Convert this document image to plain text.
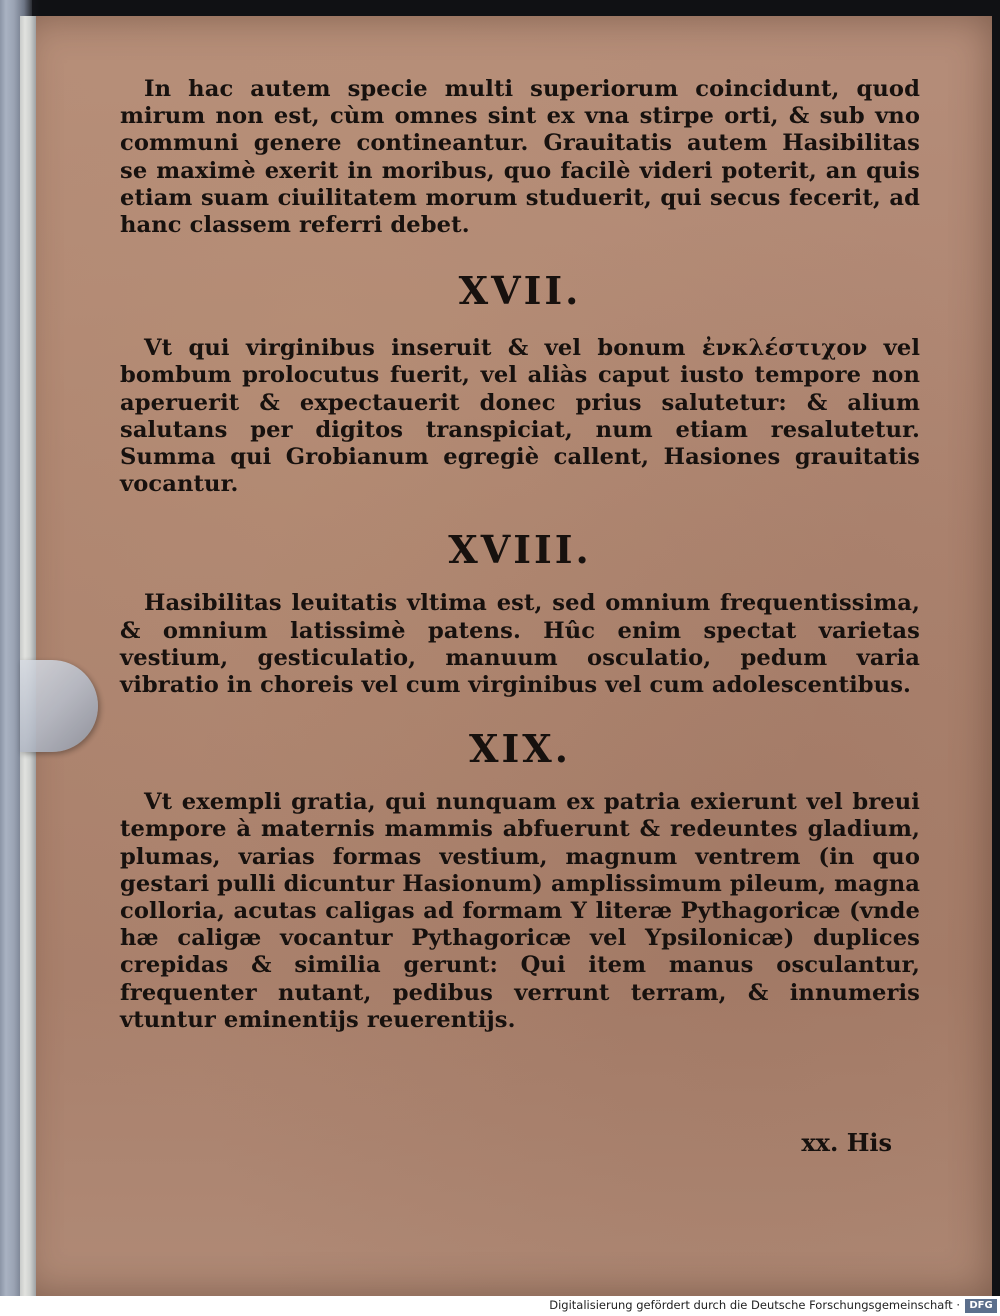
In hac autem specie multi superiorum coincidunt, quod mirum non est, cùm omnes sint ex vna stirpe orti, & sub vno communi genere contineantur. Grauitatis autem Hasibilitas se maximè exerit in moribus, quo facilè videri poterit, an quis etiam suam ciuilitatem morum studuerit, qui secus fecerit, ad hanc classem referri debet.

XVII.

Vt qui virginibus inseruit & vel bonum ἐνκλέστιχον vel bombum prolocutus fuerit, vel aliàs caput iusto tempore non aperuerit & expectauerit donec prius salutetur: & alium salutans per digitos transpiciat, num etiam resalutetur. Summa qui Grobianum egregiè callent, Hasiones grauitatis vocantur.

XVIII.

Hasibilitas leuitatis vltima est, sed omnium frequentissima, & omnium latissimè patens. Hûc enim spectat varietas vestium, gesticulatio, manuum osculatio, pedum varia vibratio in choreis vel cum virginibus vel cum adolescentibus.

XIX.

Vt exempli gratia, qui nunquam ex patria exierunt vel breui tempore à maternis mammis abfuerunt & redeuntes gladium, plumas, varias formas vestium, magnum ventrem (in quo gestari pulli dicuntur Hasionum) amplissimum pileum, magna colloria, acutas caligas ad formam Y literæ Pythagoricæ (vnde hæ caligæ vocantur Pythagoricæ vel Ypsilonicæ) duplices crepidas & similia gerunt: Qui item manus osculantur, frequenter nutant, pedibus verrunt terram, & innumeris vtuntur eminentijs reuerentijs.

xx. His
Digitalisierung gefördert durch die Deutsche Forschungsgemeinschaft · DFG
